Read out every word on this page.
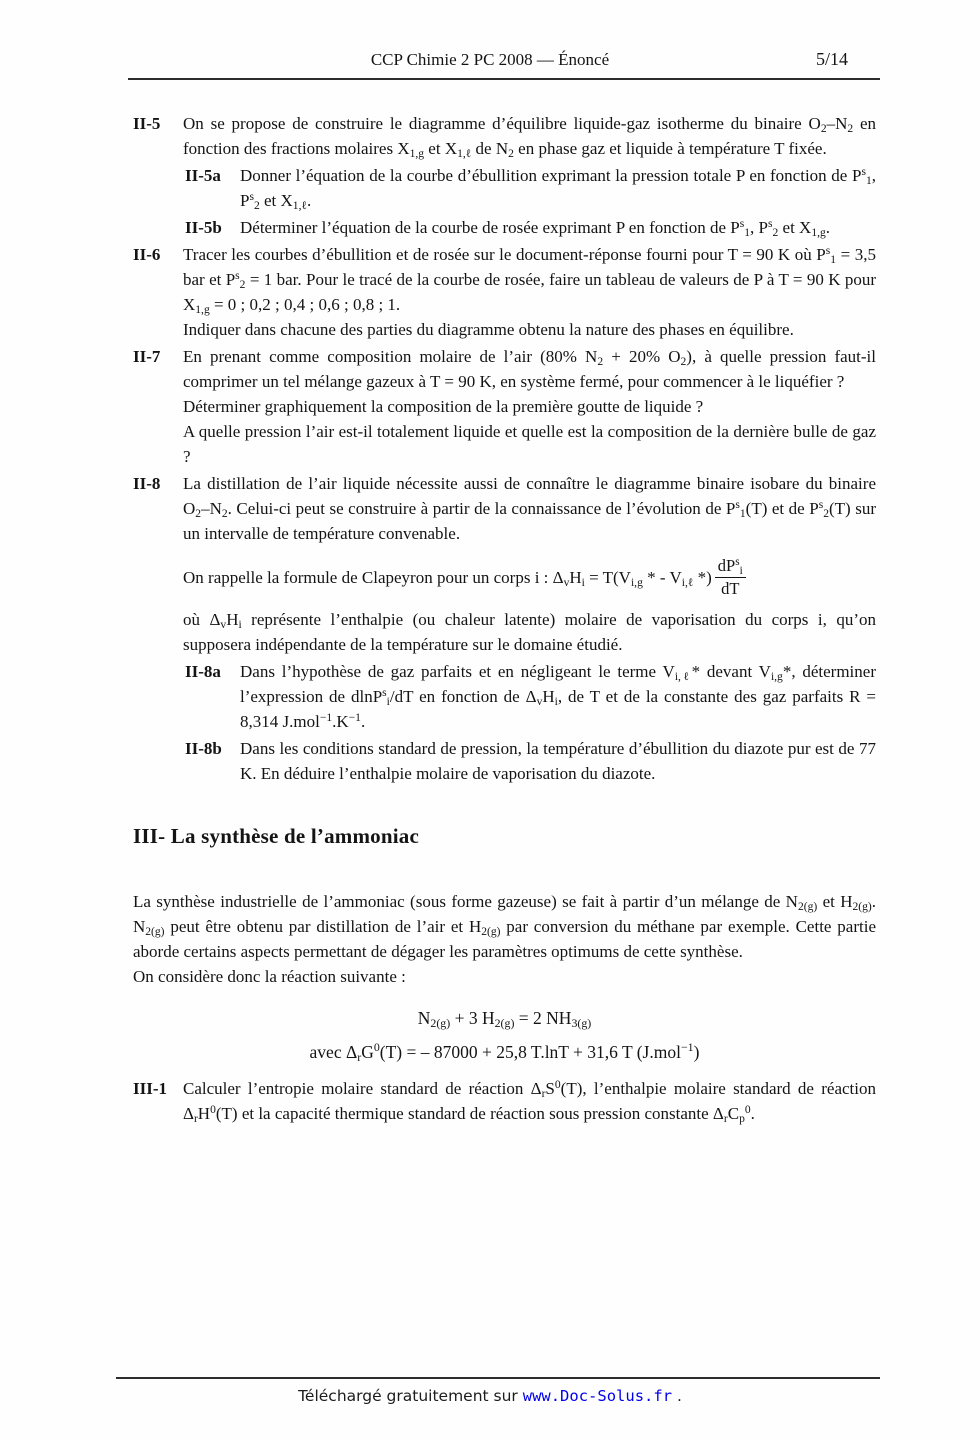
CCP Chimie 2 PC 2008 — Énoncé	5/14
II-5	On se propose de construire le diagramme d’équilibre liquide-gaz isotherme du binaire $O_2-N_2$ en fonction des fractions molaires $X_{1,g}$ et $X_{1,\ell}$ de $N_2$ en phase gaz et liquide à température T fixée.

II-5a	Donner l’équation de la courbe d’ébullition exprimant la pression totale P en fonction de $P^s_1$, $P^s_2$ et $X_{1,\ell}$.

II-5b	Déterminer l’équation de la courbe de rosée exprimant P en fonction de $P^s_1$, $P^s_2$ et $X_{1,g}$.

II-6	Tracer les courbes d’ébullition et de rosée sur le document-réponse fourni pour T = 90 K où $P^s_1 = 3,5$ bar et $P^s_2 = 1$ bar. Pour le tracé de la courbe de rosée, faire un tableau de valeurs de P à T = 90 K pour $X_{1,g} = 0$ ; 0,2 ; 0,4 ; 0,6 ; 0,8 ; 1.

Indiquer dans chacune des parties du diagramme obtenu la nature des phases en équilibre.

II-7	En prenant comme composition molaire de l’air (80% $N_2 + 20\%$ $O_2$), à quelle pression faut-il comprimer un tel mélange gazeux à T = 90 K, en système fermé, pour commencer à le liquéfier ?

Déterminer graphiquement la composition de la première goutte de liquide ?

A quelle pression l’air est-il totalement liquide et quelle est la composition de la dernière bulle de gaz ?

II-8	La distillation de l’air liquide nécessite aussi de connaître le diagramme binaire isobare du binaire $O_2-N_2$. Celui-ci peut se construire à partir de la connaissance de l’évolution de $P^s_1(T)$ et de $P^s_2(T)$ sur un intervalle de température convenable.

On rappelle la formule de Clapeyron pour un corps i : $\Delta_vH_i = T(V_{i,g}$ * - $V_{i,\ell}$ *) $\frac{dP^s_i}{dT}$

où $\Delta_vH_i$ représente l’enthalpie (ou chaleur latente) molaire de vaporisation du corps i, qu’on supposera indépendante de la température sur le domaine étudié.

II-8a	Dans l’hypothèse de gaz parfaits et en négligeant le terme $V_{i,\ell}*$ devant $V_{i,g}*$, déterminer l’expression de dlnP$^s_i$/dT en fonction de $\Delta_vH_i$, de T et de la constante des gaz parfaits R = 8,314 $J.mol^{-1}.K^{-1}$.

II-8b	Dans les conditions standard de pression, la température d’ébullition du diazote pur est de 77 K. En déduire l’enthalpie molaire de vaporisation du diazote.

III- La synthèse de l’ammoniac

La synthèse industrielle de l’ammoniac (sous forme gazeuse) se fait à partir d’un mélange de $N_{2(g)}$ et $H_{2(g)}$. $N_{2(g)}$ peut être obtenu par distillation de l’air et $H_{2(g)}$ par conversion du méthane par exemple. Cette partie aborde certains aspects permettant de dégager les paramètres optimums de cette synthèse.

On considère donc la réaction suivante :

$N_{2(g)} + 3$ $H_{2(g)} = 2$ $NH_{3(g)}$
avec $\Delta_rG^0(T)$ = – 87000 + 25,8 T.lnT + 31,6 T (J.mol$^{-1}$)
III-1 Calculer l’entropie molaire standard de réaction $\Delta_rS^0(T)$, l’enthalpie molaire standard de réaction $\Delta_rH^0(T)$ et la capacité thermique standard de réaction sous pression constante $\Delta_rC_p^0$.

Téléchargé gratuitement sur www.Doc-Solus.fr .
